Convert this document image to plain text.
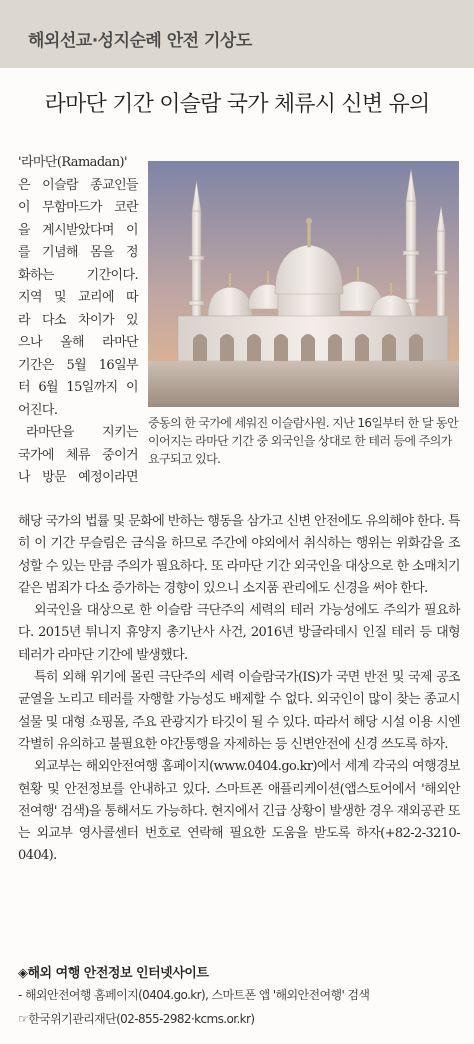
해외선교·성지순례 안전 기상도
라마단 기간 이슬람 국가 체류시 신변 유의
'라마단(Ramadan)'
은 이슬람 종교인들
이 무함마드가 코란
을 계시받았다며 이
를 기념해 몸을 정
화하는 기간이다.
지역 및 교리에 따
라 다소 차이가 있
으나 올해 라마단
기간은 5월 16일부
터 6월 15일까지 이
어진다.
라마단을 지키는
국가에 체류 중이거
나 방문 예정이라면
중동의 한 국가에 세워진 이슬람사원. 지난 16일부터 한 달 동안 이어지는 라마단 기간 중 외국인을 상대로 한 테러 등에 주의가 요구되고 있다.

해당 국가의 법률 및 문화에 반하는 행동을 삼가고 신변 안전에도 유의해야 한다. 특히 이 기간 무슬림은 금식을 하므로 주간에 야외에서 취식하는 행위는 위화감을 조성할 수 있는 만큼 주의가 필요하다. 또 라마단 기간 외국인을 대상으로 한 소매치기 같은 범죄가 다소 증가하는 경향이 있으니 소지품 관리에도 신경을 써야 한다.

외국인을 대상으로 한 이슬람 극단주의 세력의 테러 가능성에도 주의가 필요하다. 2015년 튀니지 휴양지 총기난사 사건, 2016년 방글라데시 인질 테러 등 대형 테러가 라마단 기간에 발생했다.

특히 외해 위기에 몰린 극단주의 세력 이슬람국가(IS)가 국면 반전 및 국제 공조 균열을 노리고 테러를 자행할 가능성도 배제할 수 없다. 외국인이 많이 찾는 종교시설물 및 대형 쇼핑몰, 주요 관광지가 타깃이 될 수 있다. 따라서 해당 시설 이용 시엔 각별히 유의하고 불필요한 야간통행을 자제하는 등 신변안전에 신경 쓰도록 하자.

외교부는 해외안전여행 홈페이지(www.0404.go.kr)에서 세계 각국의 여행경보 현황 및 안전정보를 안내하고 있다. 스마트폰 애플리케이션(앱스토어에서 '해외안전여행' 검색)을 통해서도 가능하다. 현지에서 긴급 상황이 발생한 경우 재외공관 또는 외교부 영사콜센터 번호로 연락해 필요한 도움을 받도록 하자(+82-2-3210-0404).

◈해외 여행 안전정보 인터넷사이트
- 해외안전여행 홈페이지(0404.go.kr), 스마트폰 앱 '해외안전여행' 검색
☞한국위기관리재단(02-855-2982·kcms.or.kr)
